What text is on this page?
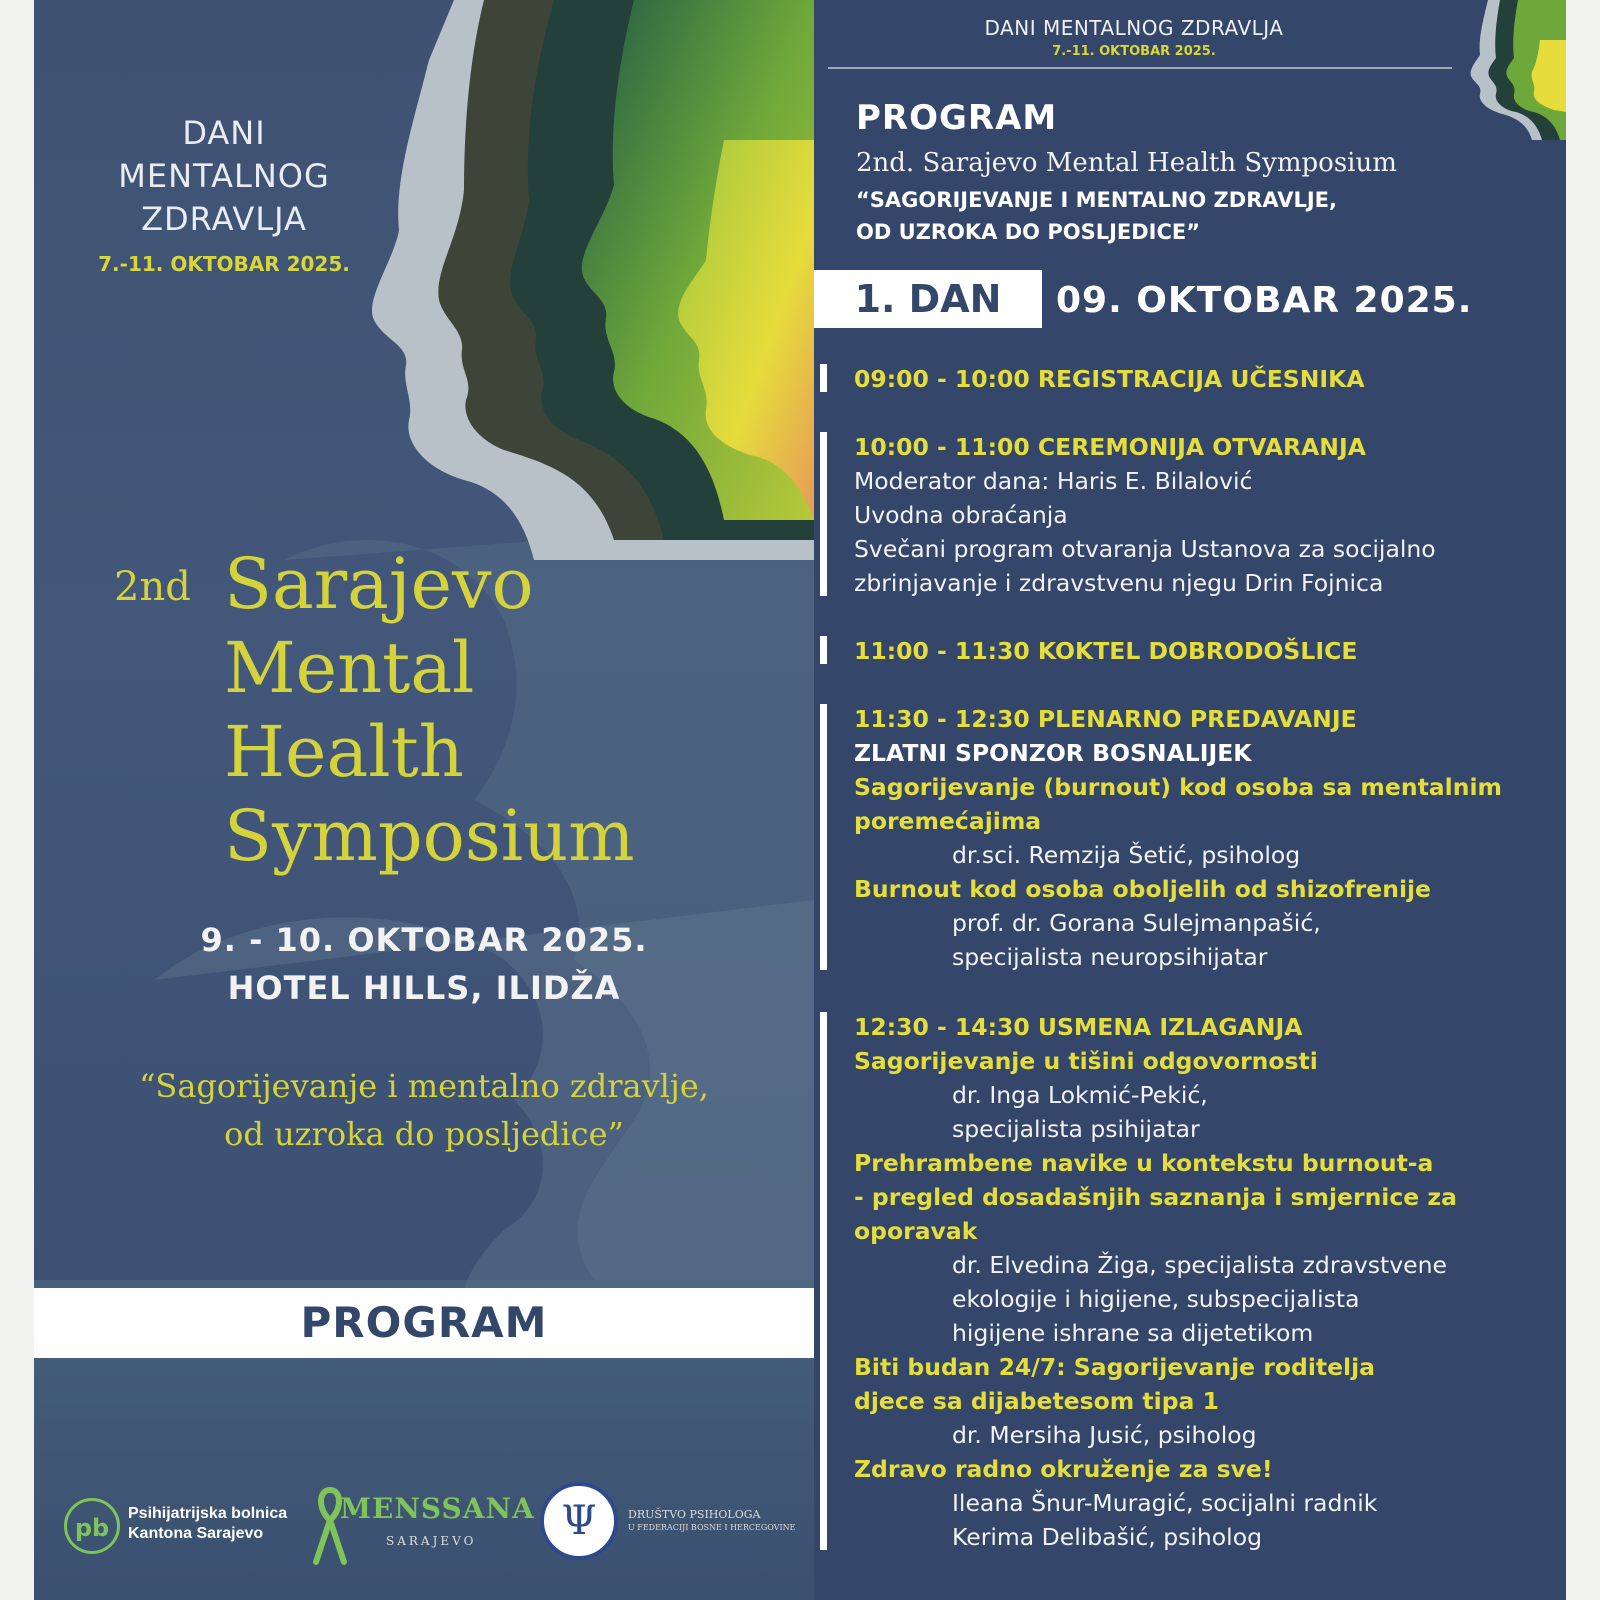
DANI
MENTALNOG
ZDRAVLJA
7.-11. OKTOBAR 2025.
2nd Sarajevo
Mental
Health
Symposium
9. - 10. OKTOBAR 2025.
HOTEL HILLS, ILIDŽA
“Sagorijevanje i mentalno zdravlje,
od uzroka do posljedice”
PROGRAM
pb
Psihijatrijska bolnica
Kantona Sarajevo
MENSSANA
SARAJEVO	Ψ	DRUŠTVO PSIHOLOGA
U FEDERACIJI BOSNE I HERCEGOVINE
DANI MENTALNOG ZDRAVLJA
7.-11. OKTOBAR 2025.
PROGRAM
2nd. Sarajevo Mental Health Symposium
“SAGORIJEVANJE I MENTALNO ZDRAVLJE,
OD UZROKA DO POSLJEDICE”
1. DAN	09. OKTOBAR 2025.
09:00 - 10:00 REGISTRACIJA UČESNIKA
10:00 - 11:00 CEREMONIJA OTVARANJA
Moderator dana: Haris E. Bilalović
Uvodna obraćanja
Svečani program otvaranja Ustanova za socijalno
zbrinjavanje i zdravstvenu njegu Drin Fojnica
11:00 - 11:30 KOKTEL DOBRODOŠLICE
11:30 - 12:30 PLENARNO PREDAVANJE
ZLATNI SPONZOR BOSNALIJEK
Sagorijevanje (burnout) kod osoba sa mentalnim
poremećajima
dr.sci. Remzija Šetić, psiholog
Burnout kod osoba oboljelih od shizofrenije
prof. dr. Gorana Sulejmanpašić,
specijalista neuropsihijatar
12:30 - 14:30 USMENA IZLAGANJA
Sagorijevanje u tišini odgovornosti
dr. Inga Lokmić-Pekić,
specijalista psihijatar
Prehrambene navike u kontekstu burnout-a
- pregled dosadašnjih saznanja i smjernice za
oporavak
dr. Elvedina Žiga, specijalista zdravstvene
ekologije i higijene, subspecijalista
higijene ishrane sa dijetetikom
Biti budan 24/7: Sagorijevanje roditelja
djece sa dijabetesom tipa 1
dr. Mersiha Jusić, psiholog
Zdravo radno okruženje za sve!
Ileana Šnur-Muragić, socijalni radnik
Kerima Delibašić, psiholog
